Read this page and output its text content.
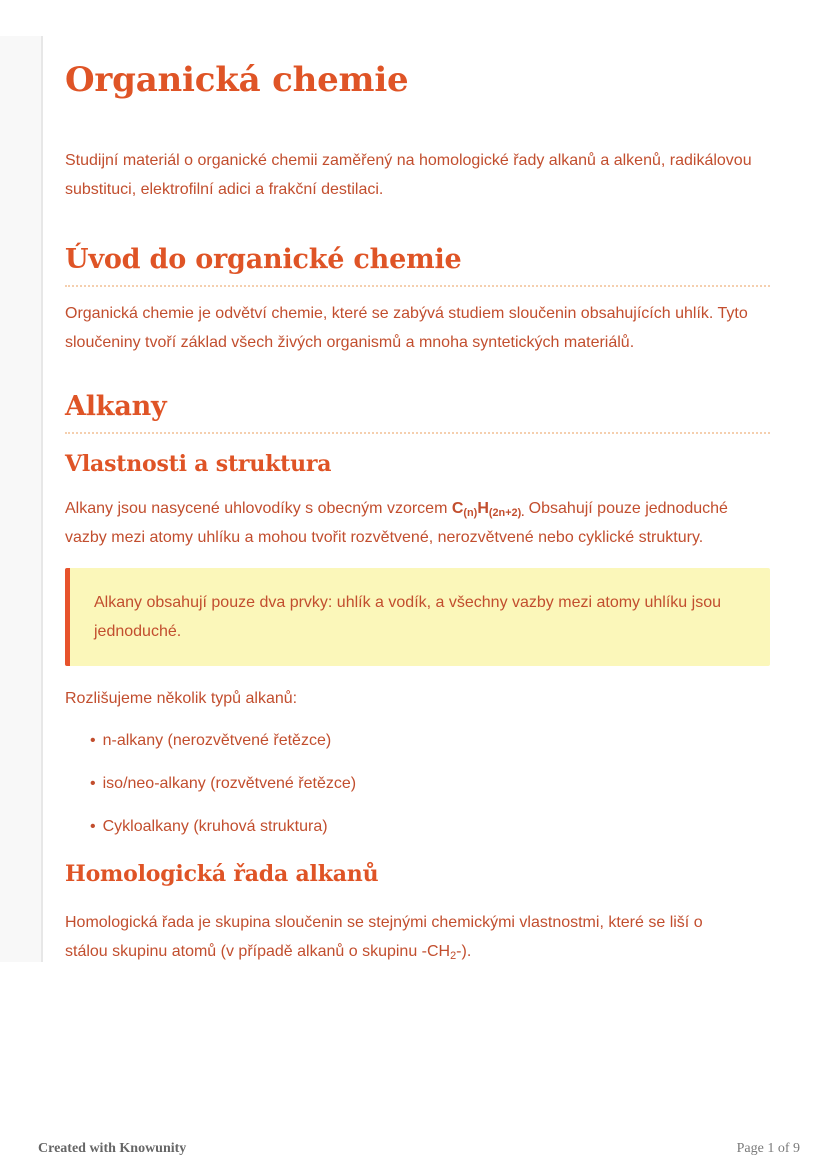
Organická chemie

Studijní materiál o organické chemii zaměřený na homologické řady alkanů a alkenů, radikálovou substituci, elektrofilní adici a frakční destilaci.

Úvod do organické chemie

Organická chemie je odvětví chemie, které se zabývá studiem sloučenin obsahujících uhlík. Tyto sloučeniny tvoří základ všech živých organismů a mnoha syntetických materiálů.

Alkany
Vlastnosti a struktura

Alkany jsou nasycené uhlovodíky s obecným vzorcem $C_{(n)}H_{(2n+2).}$ Obsahují pouze jednoduché vazby mezi atomy uhlíku a mohou tvořit rozvětvené, nerozvětvené nebo cyklické struktury.

Alkany obsahují pouze dva prvky: uhlík a vodík, a všechny vazby mezi atomy uhlíku jsou jednoduché.

Rozlišujeme několik typů alkanů:

• n-alkany (nerozvětvené řetězce)
• iso/neo-alkany (rozvětvené řetězce)
• Cykloalkany (kruhová struktura)
Homologická řada alkanů

Homologická řada je skupina sloučenin se stejnými chemickými vlastnostmi, které se liší o stálou skupinu atomů (v případě alkanů o skupinu $-CH_2-$).

Created with Knowunity	Page 1 of 9
